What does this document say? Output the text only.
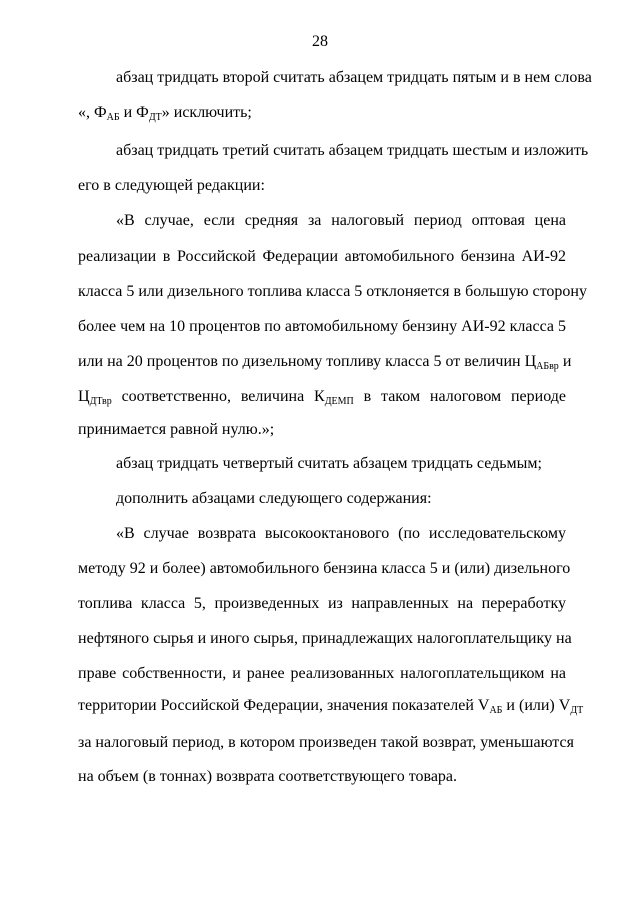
28
абзац тридцать второй считать абзацем тридцать пятым и в нем слова
«, $Ф_{АБ}$ и $Ф_{ДТ}$» исключить;
абзац тридцать третий считать абзацем тридцать шестым и изложить
его в следующей редакции:
«В случае, если средняя за налоговый период оптовая цена
реализации в Российской Федерации автомобильного бензина АИ-92
класса 5 или дизельного топлива класса 5 отклоняется в большую сторону
более чем на 10 процентов по автомобильному бензину АИ-92 класса 5
или на 20 процентов по дизельному топливу класса 5 от величин $Ц_{АБвр}$ и
$Ц_{ДТвр}$ соответственно, величина $К_{ДЕМП}$ в таком налоговом периоде
принимается равной нулю.»;
абзац тридцать четвертый считать абзацем тридцать седьмым;
дополнить абзацами следующего содержания:
«В случае возврата высокооктанового (по исследовательскому
методу 92 и более) автомобильного бензина класса 5 и (или) дизельного
топлива класса 5, произведенных из направленных на переработку
нефтяного сырья и иного сырья, принадлежащих налогоплательщику на
праве собственности, и ранее реализованных налогоплательщиком на
территории Российской Федерации, значения показателей $V_{АБ}$ и (или) $V_{ДТ}$
за налоговый период, в котором произведен такой возврат, уменьшаются
на объем (в тоннах) возврата соответствующего товара.
